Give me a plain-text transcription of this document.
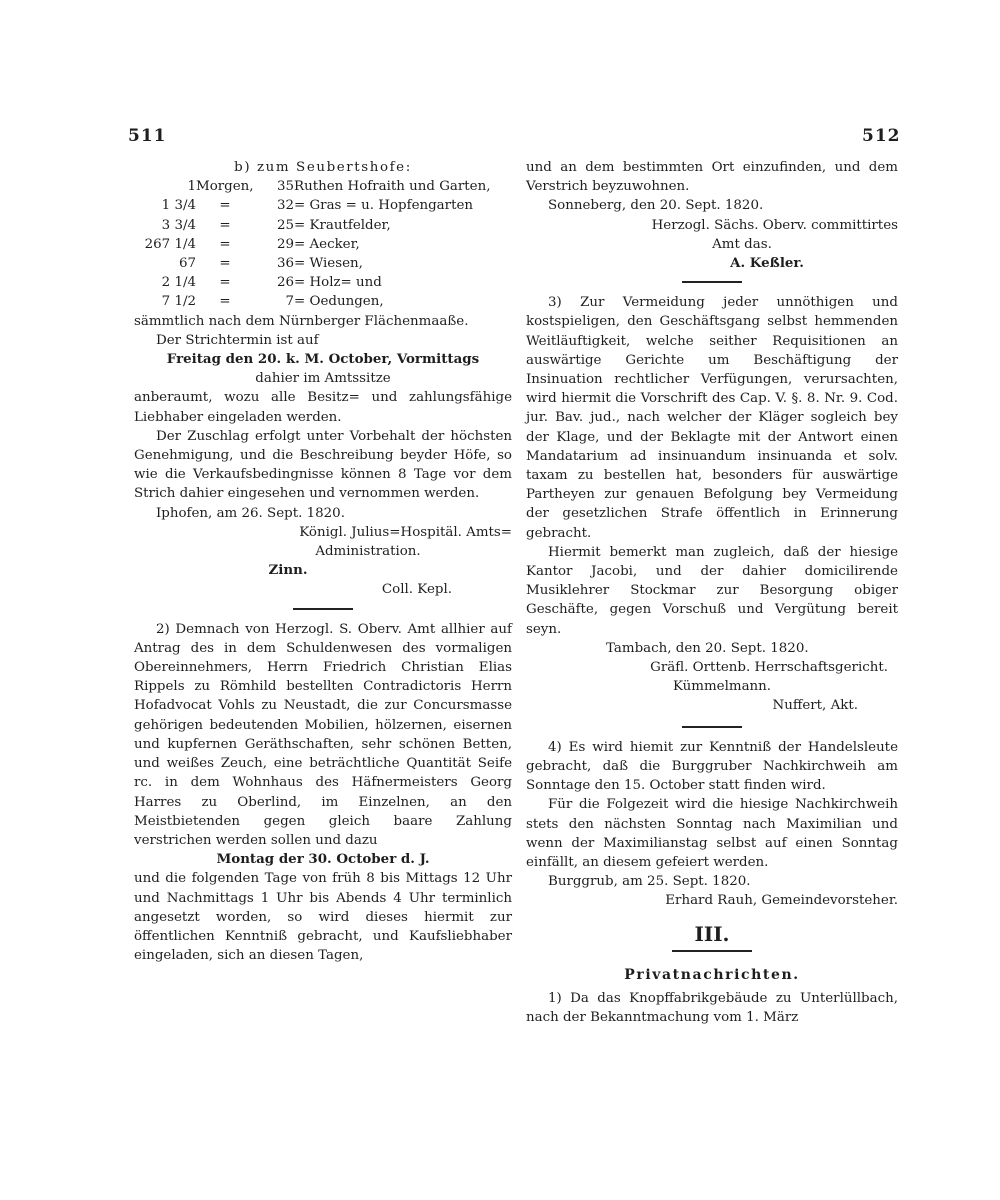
511	512

b) zum Seubertshofe:

1	Morgen,	35	Ruthen Hofraith und Garten,
1 3/4	=	32	= Gras = u. Hopfengarten
3 3/4	=	25	= Krautfelder,
267 1/4	=	29	= Aecker,
67	=	36	= Wiesen,
2 1/4	=	26	= Holz= und
7 1/2	=	7	= Oedungen,

sämmtlich nach dem Nürnberger Flächenmaaße.

Der Strichtermin ist auf

Freitag den 20. k. M. October, Vormittags

dahier im Amtssitze

anberaumt, wozu alle Besitz= und zahlungsfähige Liebhaber eingeladen werden.

Der Zuschlag erfolgt unter Vorbehalt der höchsten Genehmigung, und die Beschreibung beyder Höfe, so wie die Verkaufsbedingnisse können 8 Tage vor dem Strich dahier eingesehen und vernommen werden.

Iphofen, am 26. Sept. 1820.

Königl. Julius=Hospitäl. Amts=

Administration.

Zinn.

Coll. Kepl.

2) Demnach von Herzogl. S. Oberv. Amt allhier auf Antrag des in dem Schuldenwesen des vormaligen Obereinnehmers, Herrn Friedrich Christian Elias Rippels zu Römhild bestellten Contradictoris Herrn Hofadvocat Vohls zu Neustadt, die zur Concursmasse gehörigen bedeutenden Mobilien, hölzernen, eisernen und kupfernen Geräthschaften, sehr schönen Betten, und weißes Zeuch, eine beträchtliche Quantität Seife rc. in dem Wohnhaus des Häfnermeisters Georg Harres zu Oberlind, im Einzelnen, an den Meistbietenden gegen gleich baare Zahlung verstrichen werden sollen und dazu

Montag der 30. October d. J.

und die folgenden Tage von früh 8 bis Mittags 12 Uhr und Nachmittags 1 Uhr bis Abends 4 Uhr terminlich angesetzt worden, so wird dieses hiermit zur öffentlichen Kenntniß gebracht, und Kaufsliebhaber eingeladen, sich an diesen Tagen,

und an dem bestimmten Ort einzufinden, und dem Verstrich beyzuwohnen.

Sonneberg, den 20. Sept. 1820.

Herzogl. Sächs. Oberv. committirtes

Amt das.

A. Keßler.

3) Zur Vermeidung jeder unnöthigen und kostspieligen, den Geschäftsgang selbst hemmenden Weitläuftigkeit, welche seither Requisitionen an auswärtige Gerichte um Beschäftigung der Insinuation rechtlicher Verfügungen, verursachten, wird hiermit die Vorschrift des Cap. V. §. 8. Nr. 9. Cod. jur. Bav. jud., nach welcher der Kläger sogleich bey der Klage, und der Beklagte mit der Antwort einen Mandatarium ad insinuandum insinuanda et solv. taxam zu bestellen hat, besonders für auswärtige Partheyen zur genauen Befolgung bey Vermeidung der gesetzlichen Strafe öffentlich in Erinnerung gebracht.

Hiermit bemerkt man zugleich, daß der hiesige Kantor Jacobi, und der dahier domicilirende Musiklehrer Stockmar zur Besorgung obiger Geschäfte, gegen Vorschuß und Vergütung bereit seyn.

Tambach, den 20. Sept. 1820.

Gräfl. Orttenb. Herrschaftsgericht.

Kümmelmann.

Nuffert, Akt.

4) Es wird hiemit zur Kenntniß der Handelsleute gebracht, daß die Burggruber Nachkirchweih am Sonntage den 15. October statt finden wird.

Für die Folgezeit wird die hiesige Nachkirchweih stets den nächsten Sonntag nach Maximilian und wenn der Maximilianstag selbst auf einen Sonntag einfällt, an diesem gefeiert werden.

Burggrub, am 25. Sept. 1820.

Erhard Rauh, Gemeindevorsteher.

III.

Privatnachrichten.

1) Da das Knopffabrikgebäude zu Unterlüllbach, nach der Bekanntmachung vom 1. März
